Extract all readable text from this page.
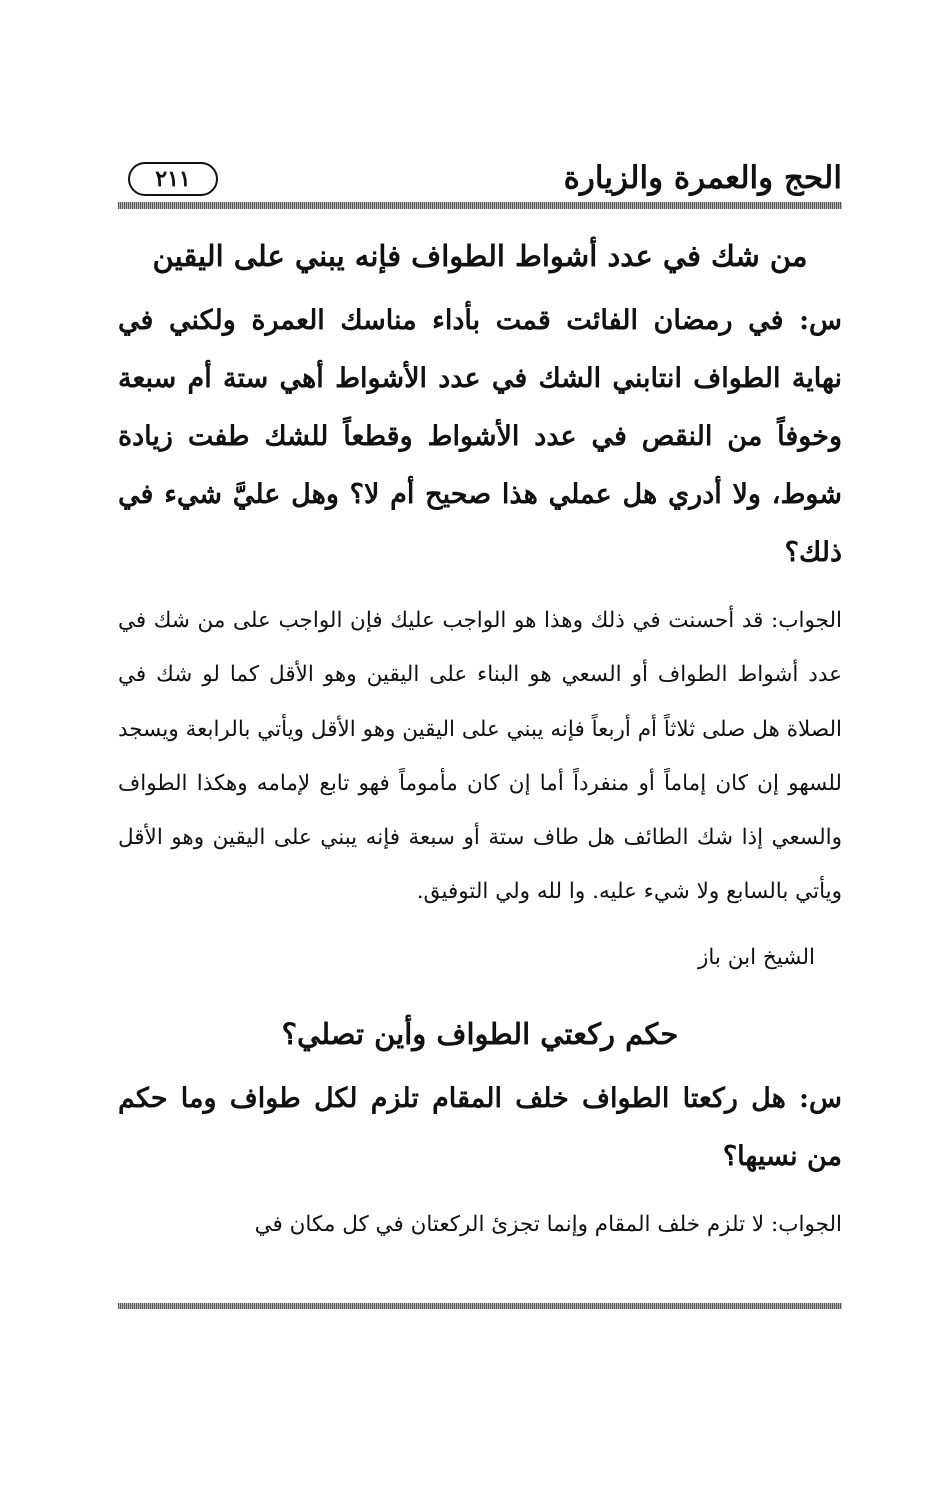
الحج والعمرة والزيارة
٢١١
من شك في عدد أشواط الطواف فإنه يبني على اليقين

س: في رمضان الفائت قمت بأداء مناسك العمرة ولكني في نهاية الطواف انتابني الشك في عدد الأشواط أهي ستة أم سبعة وخوفاً من النقص في عدد الأشواط وقطعاً للشك طفت زيادة شوط، ولا أدري هل عملي هذا صحيح أم لا؟ وهل عليَّ شيء في ذلك؟

الجواب: قد أحسنت في ذلك وهذا هو الواجب عليك فإن الواجب على من شك في عدد أشواط الطواف أو السعي هو البناء على اليقين وهو الأقل كما لو شك في الصلاة هل صلى ثلاثاً أم أربعاً فإنه يبني على اليقين وهو الأقل ويأتي بالرابعة ويسجد للسهو إن كان إماماً أو منفرداً أما إن كان مأموماً فهو تابع لإمامه وهكذا الطواف والسعي إذا شك الطائف هل طاف ستة أو سبعة فإنه يبني على اليقين وهو الأقل ويأتي بالسابع ولا شيء عليه. وا لله ولي التوفيق.

الشيخ ابن باز

حكم ركعتي الطواف وأين تصلي؟

س: هل ركعتا الطواف خلف المقام تلزم لكل طواف وما حكم من نسيها؟

الجواب: لا تلزم خلف المقام وإنما تجزئ الركعتان في كل مكان في
